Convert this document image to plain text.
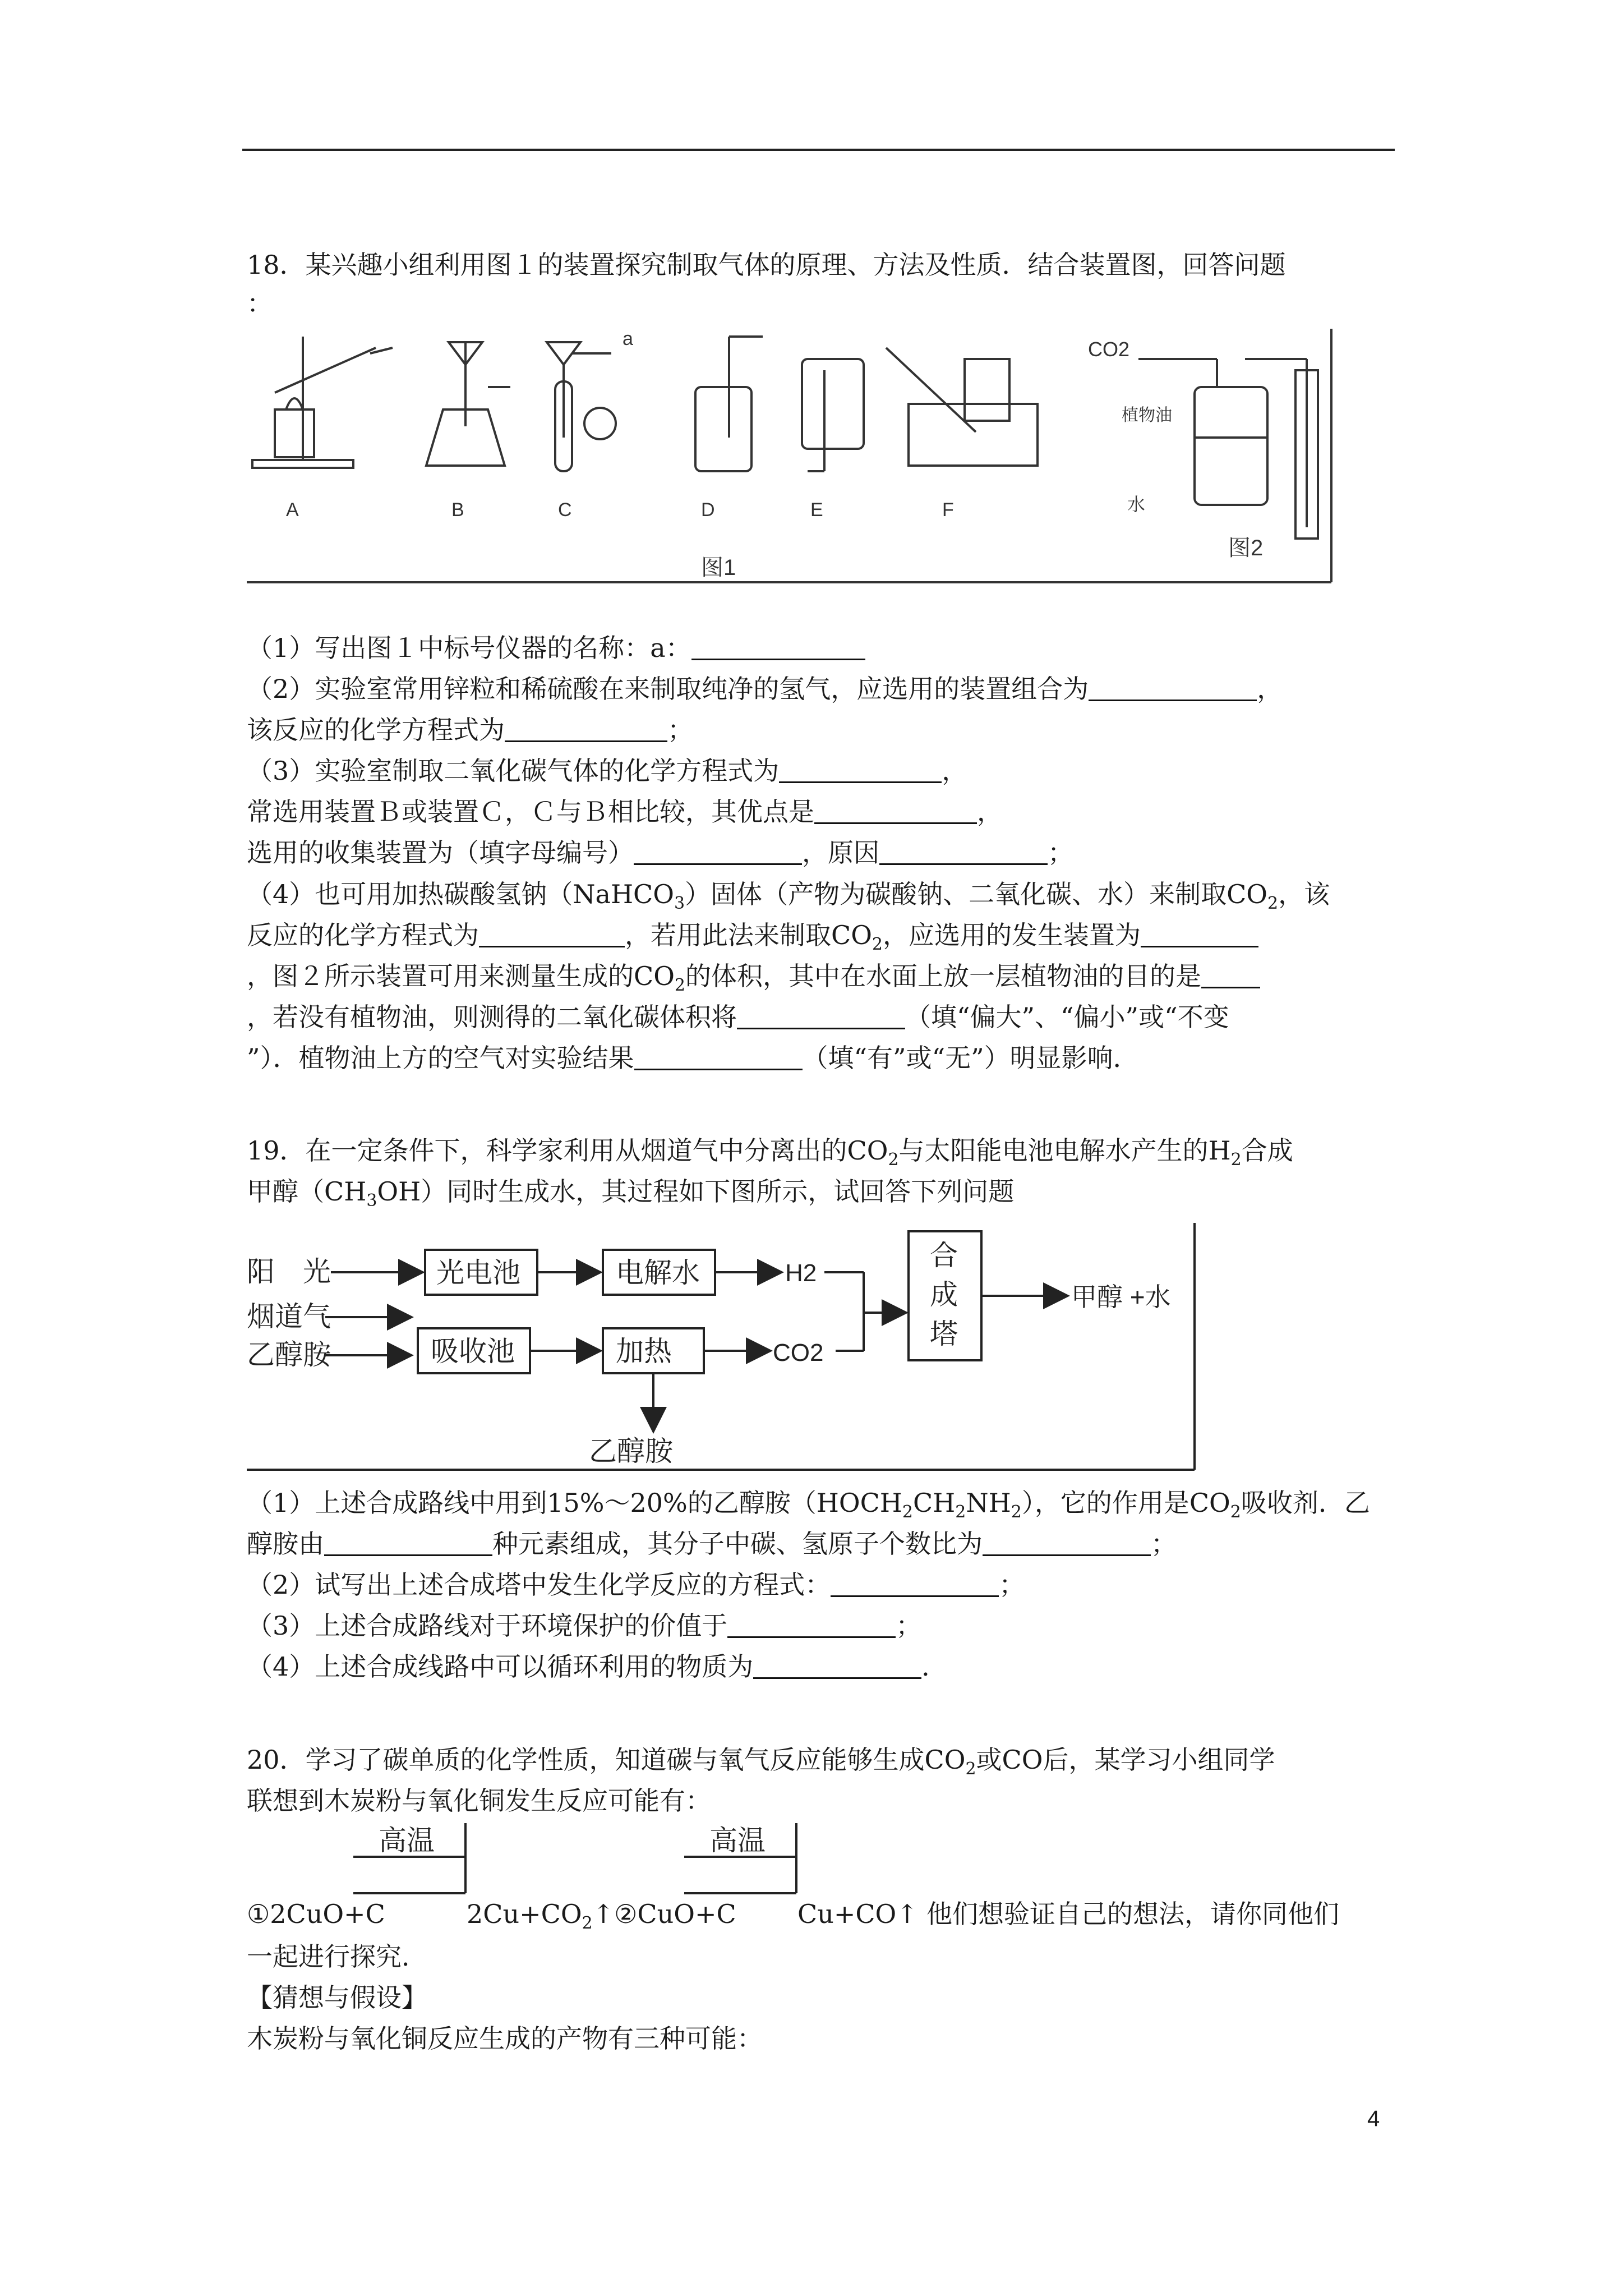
18．某兴趣小组利用图１的装置探究制取气体的原理、方法及性质．结合装置图，回答问题
：
A	B	C	D	E	F
图1
图2
a	CO2
植物油
水
（1）写出图１中标号仪器的名称：a：
（2）实验室常用锌粒和稀硫酸在来制取纯净的氢气，应选用的装置组合为	，
该反应的化学方程式为	；
（3）实验室制取二氧化碳气体的化学方程式为	，
常选用装置Ｂ或装置Ｃ，Ｃ与Ｂ相比较，其优点是	，
选用的收集装置为（填字母编号）	，原因	；
（4）也可用加热碳酸氢钠（NaHCO$_3$）固体（产物为碳酸钠、二氧化碳、水）来制取$CO_2$，该
反应的化学方程式为	，若用此法来制取$CO_2$，应选用的发生装置为
，图２所示装置可用来测量生成的$CO_2$的体积，其中在水面上放一层植物油的目的是
，若没有植物油，则测得的二氧化碳体积将	（填“偏大”、“偏小”或“不变
”）．植物油上方的空气对实验结果	（填“有”或“无”）明显影响．
19．在一定条件下，科学家利用从烟道气中分离出的$CO_2$与太阳能电池电解水产生的$H_2$合成
甲醇$(CH_3OH)$同时生成水，其过程如下图所示，试回答下列问题
阳　光
烟道气
乙醇胺
光电池	电解水	H2
吸收池	加热	CO2
合
成
塔
甲醇 +水
乙醇胺
（1）上述合成路线中用到15%～20%的乙醇胺$(HOCH_2CH_2NH_2)$，它的作用是$CO_2$吸收剂．乙
醇胺由	种元素组成，其分子中碳、氢原子个数比为	；
（2）试写出上述合成塔中发生化学反应的方程式：	；
（3）上述合成路线对于环境保护的价值于	；
（4）上述合成线路中可以循环利用的物质为	．
20．学习了碳单质的化学性质，知道碳与氧气反应能够生成$CO_2$或CO后，某学习小组同学
联想到木炭粉与氧化铜发生反应可能有：
高温	高温
①2CuO+C	$2Cu+CO_2↑②CuO+C$ Cu+CO↑ 他们想验证自己的想法，请你同他们
一起进行探究．
【猜想与假设】
木炭粉与氧化铜反应生成的产物有三种可能：
4
